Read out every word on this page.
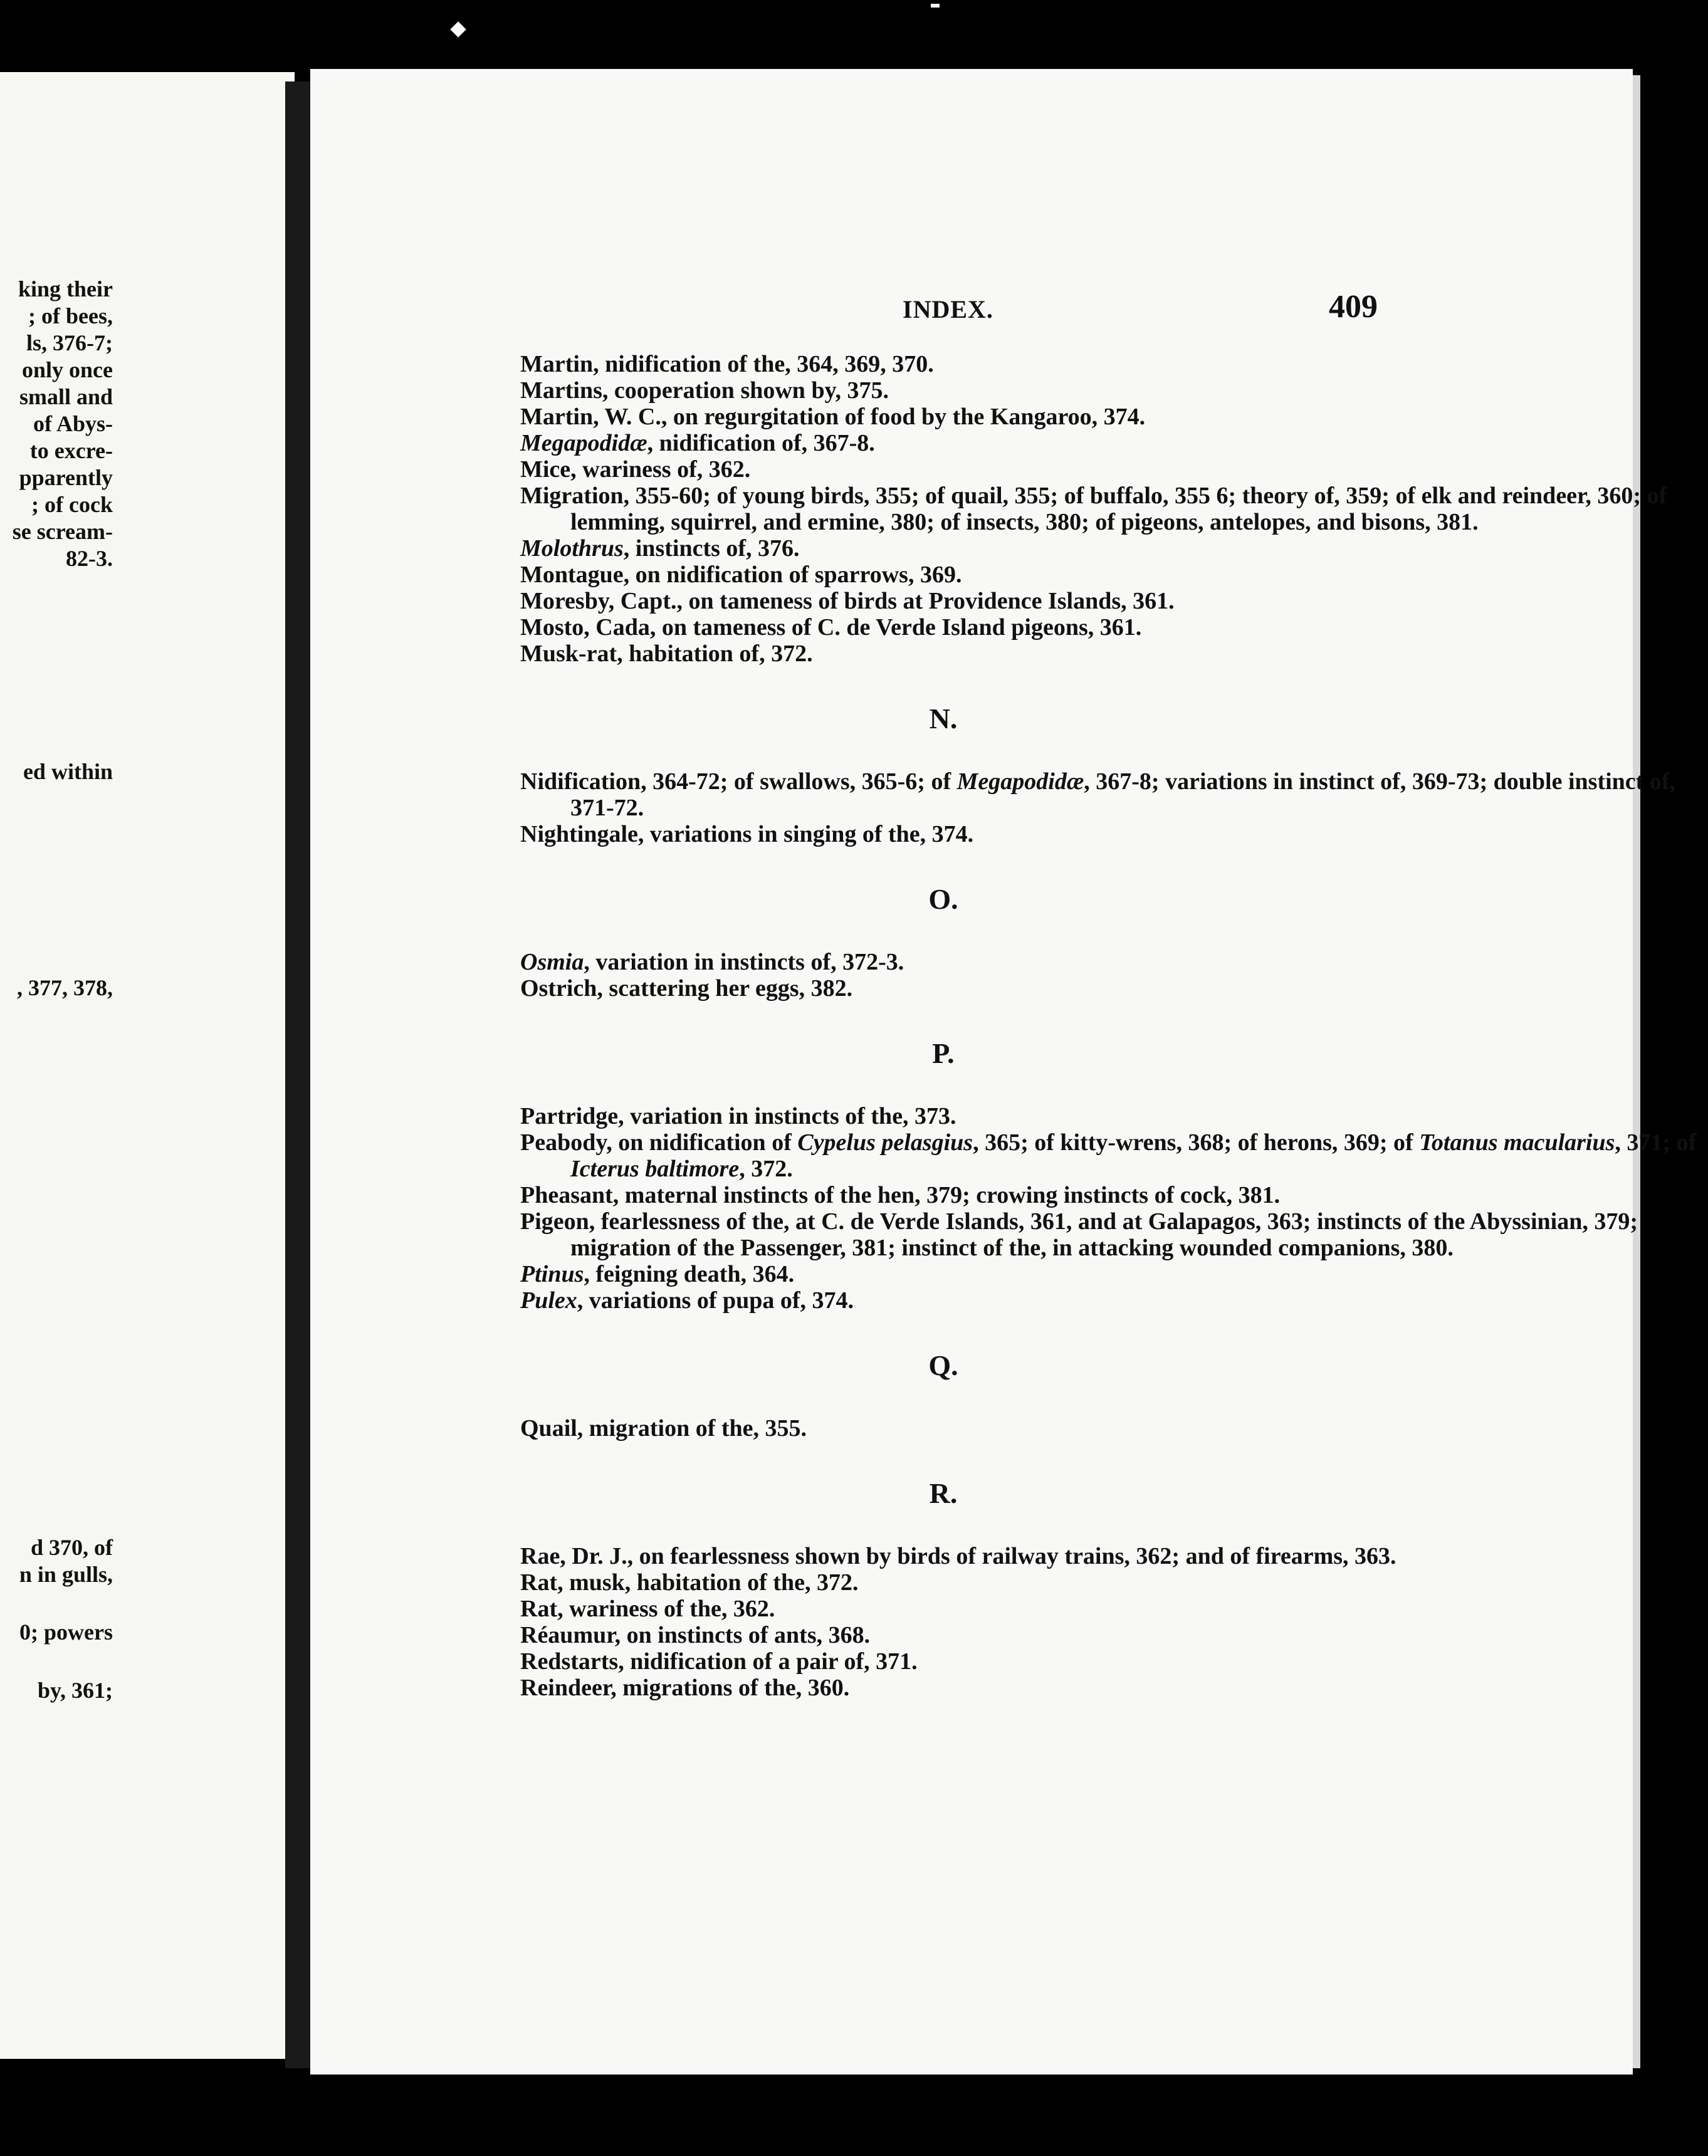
king their
; of bees,
ls, 376-7;
only once
small and
of Abys-
to excre-
pparently
; of cock
se scream-
82-3.
ed within
, 377, 378,
d 370, of
n in gulls,
0; powers
by, 361;
INDEX.	409

Martin, nidification of the, 364, 369, 370.

Martins, cooperation shown by, 375.

Martin, W. C., on regurgitation of food by the Kangaroo, 374.

Megapodidæ, nidification of, 367-8.

Mice, wariness of, 362.

Migration, 355-60; of young birds, 355; of quail, 355; of buffalo, 355 6; theory of, 359; of elk and reindeer, 360; of lemming, squirrel, and ermine, 380; of insects, 380; of pigeons, antelopes, and bisons, 381.

Molothrus, instincts of, 376.

Montague, on nidification of sparrows, 369.

Moresby, Capt., on tameness of birds at Providence Islands, 361.

Mosto, Cada, on tameness of C. de Verde Island pigeons, 361.

Musk-rat, habitation of, 372.

N.

Nidification, 364-72; of swallows, 365-6; of Megapodidæ, 367-8; variations in instinct of, 369-73; double instinct of, 371-72.

Nightingale, variations in singing of the, 374.

O.

Osmia, variation in instincts of, 372-3.

Ostrich, scattering her eggs, 382.

P.

Partridge, variation in instincts of the, 373.

Peabody, on nidification of Cypelus pelasgius, 365; of kitty-wrens, 368; of herons, 369; of Totanus macularius, 371; of Icterus baltimore, 372.

Pheasant, maternal instincts of the hen, 379; crowing instincts of cock, 381.

Pigeon, fearlessness of the, at C. de Verde Islands, 361, and at Galapagos, 363; instincts of the Abyssinian, 379; migration of the Passenger, 381; instinct of the, in attacking wounded companions, 380.

Ptinus, feigning death, 364.

Pulex, variations of pupa of, 374.

Q.

Quail, migration of the, 355.

R.

Rae, Dr. J., on fearlessness shown by birds of railway trains, 362; and of firearms, 363.

Rat, musk, habitation of the, 372.

Rat, wariness of the, 362.

Réaumur, on instincts of ants, 368.

Redstarts, nidification of a pair of, 371.

Reindeer, migrations of the, 360.
